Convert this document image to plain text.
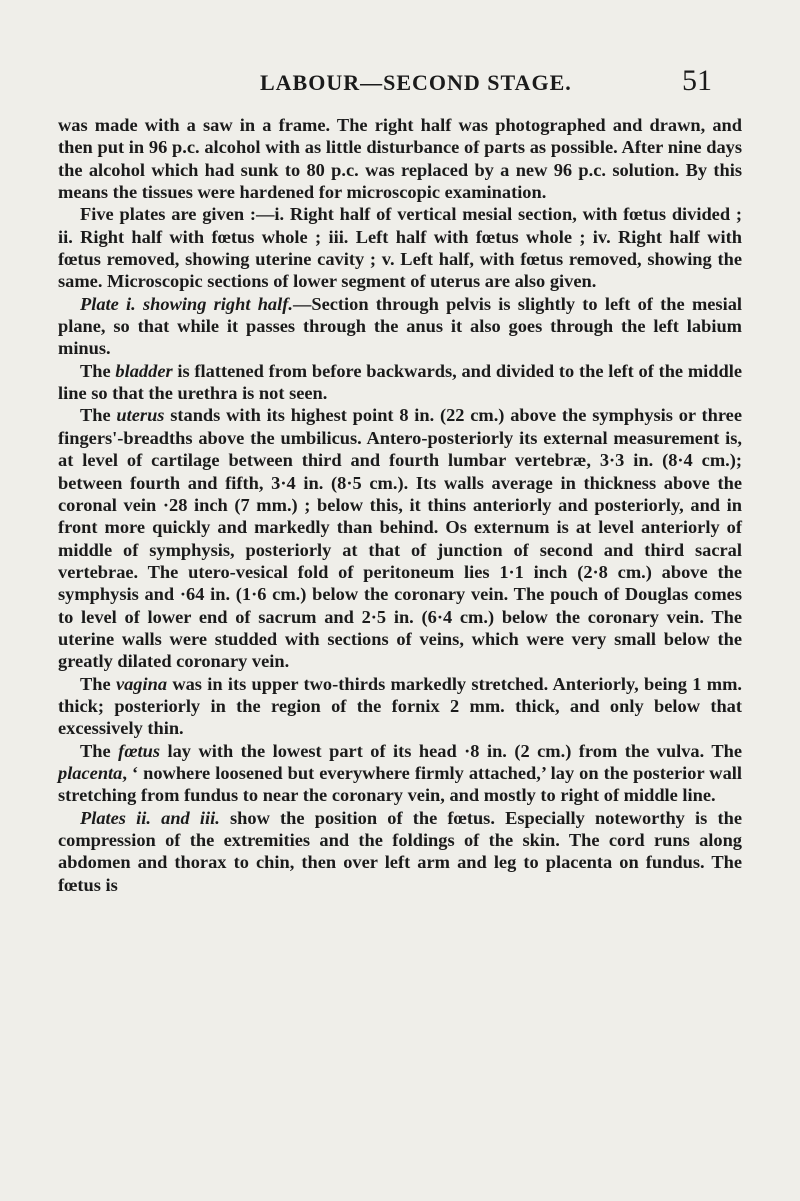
LABOUR—SECOND STAGE.	51

was made with a saw in a frame. The right half was photographed and drawn, and then put in 96 p.c. alcohol with as little disturbance of parts as possible. After nine days the alcohol which had sunk to 80 p.c. was replaced by a new 96 p.c. solution. By this means the tissues were hardened for microscopic examination.

Five plates are given :—i. Right half of vertical mesial section, with fœtus divided ; ii. Right half with fœtus whole ; iii. Left half with fœtus whole ; iv. Right half with fœtus removed, showing uterine cavity ; v. Left half, with fœtus removed, showing the same. Microscopic sections of lower segment of uterus are also given.

Plate i. showing right half.—Section through pelvis is slightly to left of the mesial plane, so that while it passes through the anus it also goes through the left labium minus.

The bladder is flattened from before backwards, and divided to the left of the middle line so that the urethra is not seen.

The uterus stands with its highest point 8 in. (22 cm.) above the symphysis or three fingers'-breadths above the umbilicus. Antero-posteriorly its external measurement is, at level of cartilage between third and fourth lumbar vertebræ, 3·3 in. (8·4 cm.); between fourth and fifth, 3·4 in. (8·5 cm.). Its walls average in thickness above the coronal vein ·28 inch (7 mm.) ; below this, it thins anteriorly and posteriorly, and in front more quickly and markedly than behind. Os externum is at level anteriorly of middle of symphysis, posteriorly at that of junction of second and third sacral vertebrae. The utero-vesical fold of peritoneum lies 1·1 inch (2·8 cm.) above the symphysis and ·64 in. (1·6 cm.) below the coronary vein. The pouch of Douglas comes to level of lower end of sacrum and 2·5 in. (6·4 cm.) below the coronary vein. The uterine walls were studded with sections of veins, which were very small below the greatly dilated coronary vein.

The vagina was in its upper two-thirds markedly stretched. Anteriorly, being 1 mm. thick; posteriorly in the region of the fornix 2 mm. thick, and only below that excessively thin.

The fœtus lay with the lowest part of its head ·8 in. (2 cm.) from the vulva. The placenta, ‘ nowhere loosened but everywhere firmly attached,’ lay on the posterior wall stretching from fundus to near the coronary vein, and mostly to right of middle line.

Plates ii. and iii. show the position of the fœtus. Especially noteworthy is the compression of the extremities and the foldings of the skin. The cord runs along abdomen and thorax to chin, then over left arm and leg to placenta on fundus. The fœtus is
